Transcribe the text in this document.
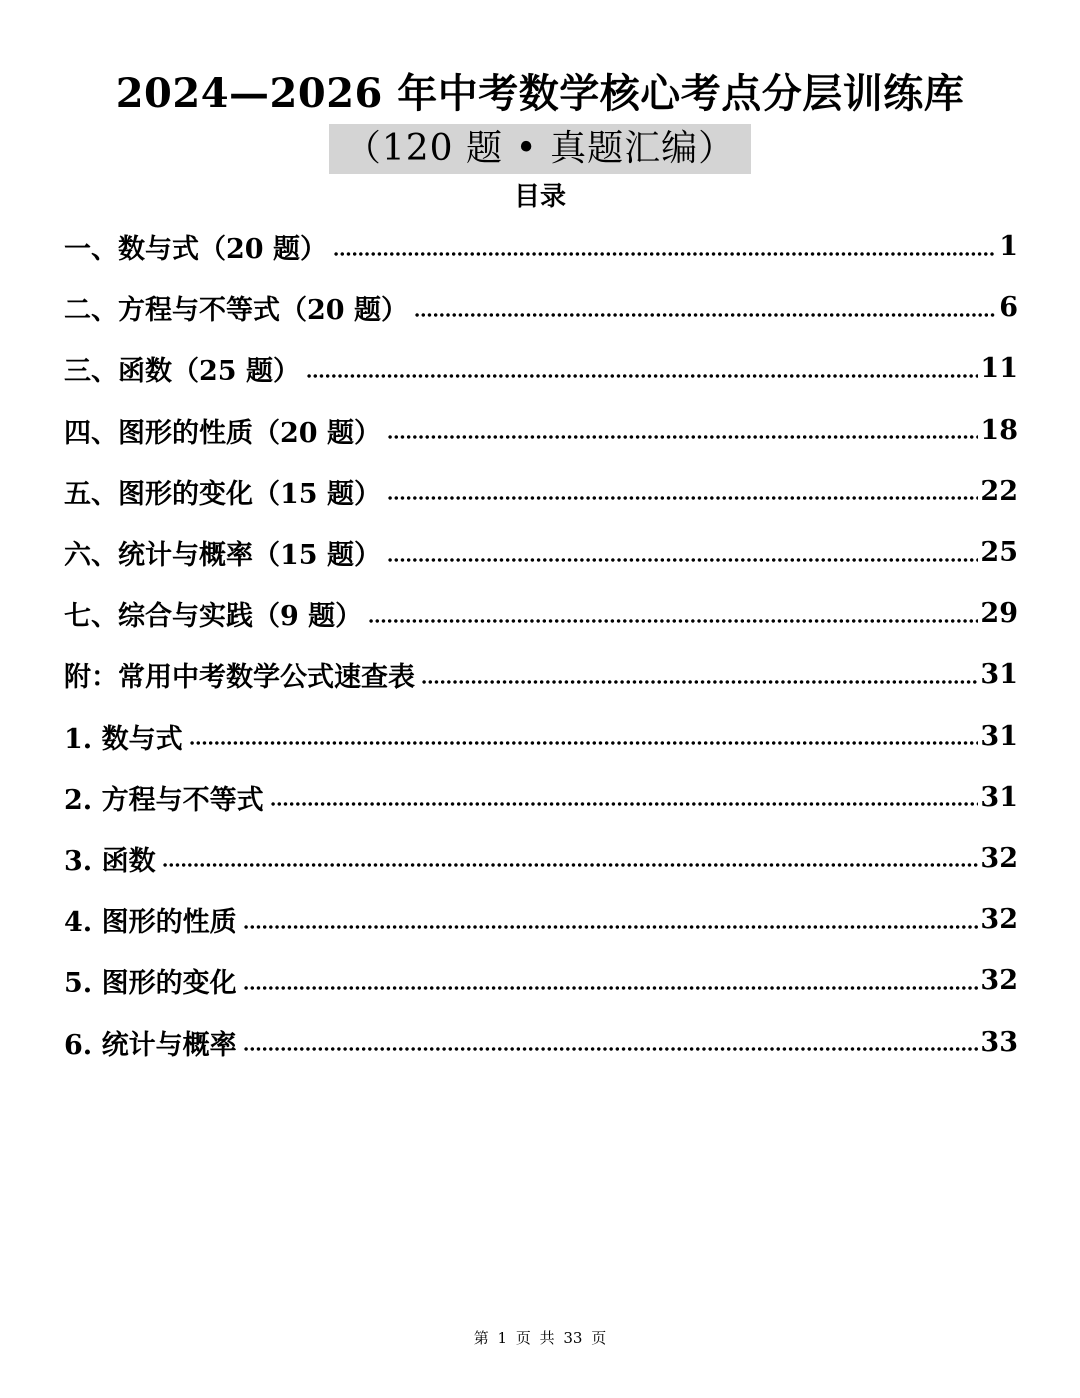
2024—2026 年中考数学核心考点分层训练库
（120 题 • 真题汇编）
目录
一、数与式（20 题）	1
二、方程与不等式（20 题）	6
三、函数（25 题）	11
四、图形的性质（20 题）	18
五、图形的变化（15 题）	22
六、统计与概率（15 题）	25
七、综合与实践（9 题）	29
附：常用中考数学公式速查表	31
1. 数与式	31
2. 方程与不等式	31
3. 函数	32
4. 图形的性质	32
5. 图形的变化	32
6. 统计与概率	33
第 1 页 共 33 页
